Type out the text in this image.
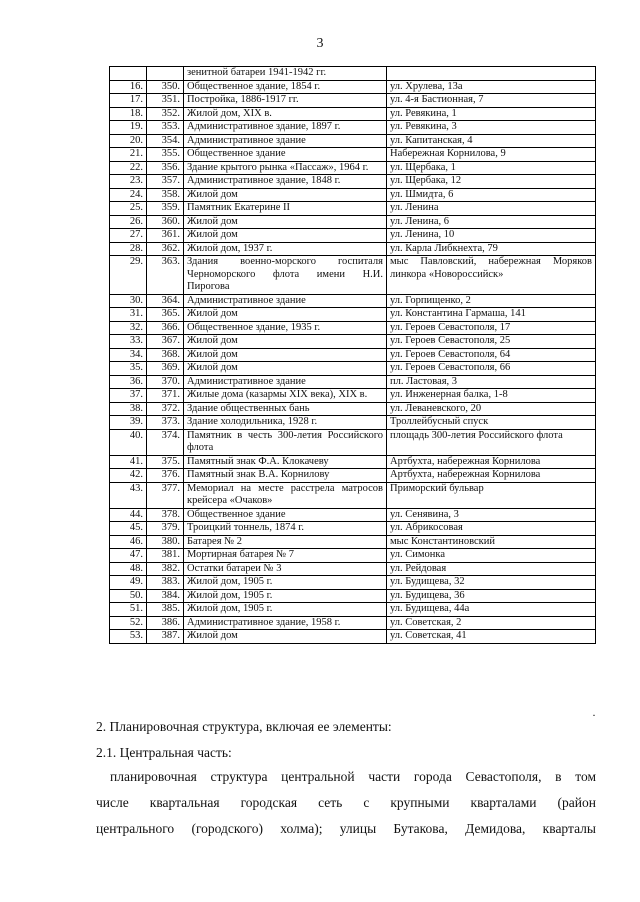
3
		зенитной батареи 1941-1942 гг.	
16.	350.	Общественное здание, 1854 г.	ул. Хрулева, 13а
17.	351.	Постройка, 1886-1917 гг.	ул. 4-я Бастионная, 7
18.	352.	Жилой дом, XIX в.	ул. Ревякина, 1
19.	353.	Административное здание, 1897 г.	ул. Ревякина, 3
20.	354.	Административное здание	ул. Капитанская, 4
21.	355.	Общественное здание	Набережная Корнилова, 9
22.	356.	Здание крытого рынка «Пассаж», 1964 г.	ул. Щербака, 1
23.	357.	Административное здание, 1848 г.	ул. Щербака, 12
24.	358.	Жилой дом	ул. Шмидта, 6
25.	359.	Памятник Екатерине II	ул. Ленина
26.	360.	Жилой дом	ул. Ленина, 6
27.	361.	Жилой дом	ул. Ленина, 10
28.	362.	Жилой дом, 1937 г.	ул. Карла Либкнехта, 79
29.	363.	Здания военно-морского госпиталя Черноморского флота имени Н.И. Пирогова	мыс Павловский, набережная Моряков линкора «Новороссийск»
30.	364.	Административное здание	ул. Горпищенко, 2
31.	365.	Жилой дом	ул. Константина Гармаша, 141
32.	366.	Общественное здание, 1935 г.	ул. Героев Севастополя, 17
33.	367.	Жилой дом	ул. Героев Севастополя, 25
34.	368.	Жилой дом	ул. Героев Севастополя, 64
35.	369.	Жилой дом	ул. Героев Севастополя, 66
36.	370.	Административное здание	пл. Ластовая, 3
37.	371.	Жилые дома (казармы XIX века), XIX в.	ул. Инженерная балка, 1-8
38.	372.	Здание общественных бань	ул. Леваневского, 20
39.	373.	Здание холодильника, 1928 г.	Троллейбусный спуск
40.	374.	Памятник в честь 300-летия Российского флота	площадь 300-летия Российского флота
41.	375.	Памятный знак Ф.А. Клокачеву	Артбухта, набережная Корнилова
42.	376.	Памятный знак В.А. Корнилову	Артбухта, набережная Корнилова
43.	377.	Мемориал на месте расстрела матросов крейсера «Очаков»	Приморский бульвар
44.	378.	Общественное здание	ул. Сенявина, 3
45.	379.	Троицкий тоннель, 1874 г.	ул. Абрикосовая
46.	380.	Батарея № 2	мыс Константиновский
47.	381.	Мортирная батарея № 7	ул. Симонка
48.	382.	Остатки батареи № 3	ул. Рейдовая
49.	383.	Жилой дом, 1905 г.	ул. Будищева, 32
50.	384.	Жилой дом, 1905 г.	ул. Будищева, 36
51.	385.	Жилой дом, 1905 г.	ул. Будищева, 44а
52.	386.	Административное здание, 1958 г.	ул. Советская, 2
53.	387.	Жилой дом	ул. Советская, 41
·

2. Планировочная структура, включая ее элементы:

2.1. Центральная часть:

планировочная структура центральной части города Севастополя, в том

числе квартальная городская сеть с крупными кварталами (район

центрального (городского) холма); улицы Бутакова, Демидова, кварталы
